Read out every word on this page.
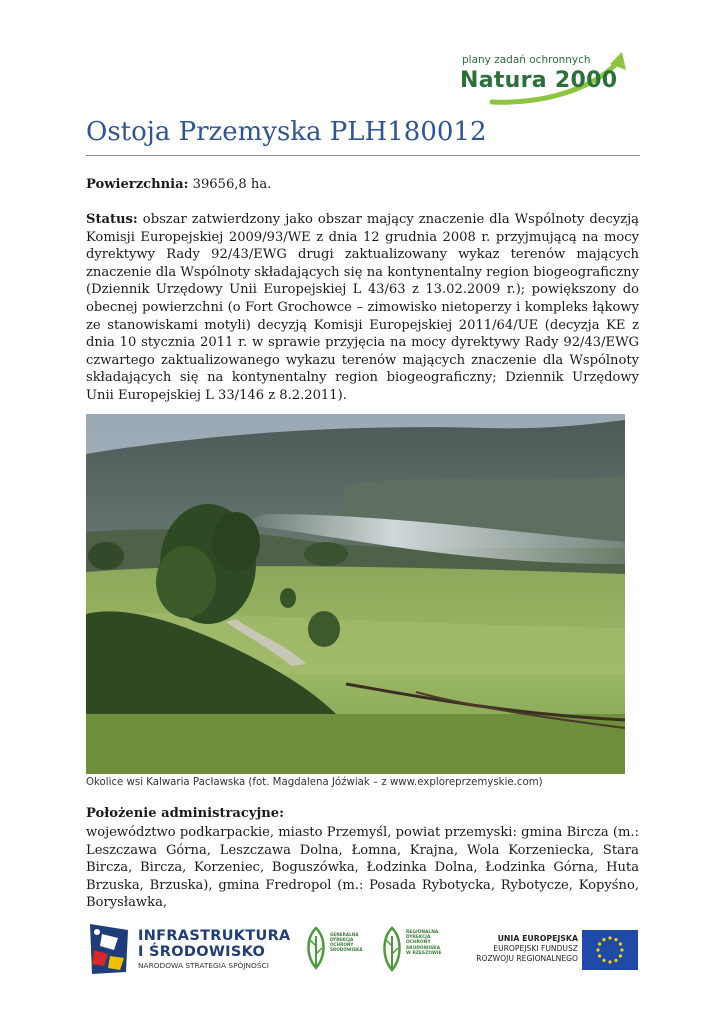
plany zadań ochronnych
Natura 2000
Ostoja Przemyska PLH180012
Powierzchnia: 39656,8 ha.
Status: obszar zatwierdzony jako obszar mający znaczenie dla Wspólnoty decyzją Komisji Europejskiej 2009/93/WE z dnia 12 grudnia 2008 r. przyjmującą na mocy dyrektywy Rady 92/43/EWG drugi zaktualizowany wykaz terenów mających znaczenie dla Wspólnoty składających się na kontynentalny region biogeograficzny (Dziennik Urzędowy Unii Europejskiej L 43/63 z 13.02.2009 r.); powiększony do obecnej powierzchni (o Fort Grochowce – zimowisko nietoperzy i kompleks łąkowy ze stanowiskami motyli) decyzją Komisji Europejskiej 2011/64/UE (decyzja KE z dnia 10 stycznia 2011 r. w sprawie przyjęcia na mocy dyrektywy Rady 92/43/EWG czwartego zaktualizowanego wykazu terenów mających znaczenie dla Wspólnoty składających się na kontynentalny region biogeograficzny; Dziennik Urzędowy Unii Europejskiej L 33/146 z 8.2.2011).
Okolice wsi Kalwaria Pacławska (fot. Magdalena Jóźwiak – z www.exploreprzemyskie.com)
Położenie administracyjne:
województwo podkarpackie, miasto Przemyśl, powiat przemyski: gmina Bircza (m.: Leszczawa Górna, Leszczawa Dolna, Łomna, Krajna, Wola Korzeniecka, Stara Bircza, Bircza, Korzeniec, Boguszówka, Łodzinka Dolna, Łodzinka Górna, Huta Brzuska, Brzuska), gmina Fredropol (m.: Posada Rybotycka, Rybotycze, Kopyśno, Borysławka,
INFRASTRUKTURA
I ŚRODOWISKO
NARODOWA STRATEGIA SPÓJNOŚCI
GENERALNA
DYREKCJA
OCHRONY
ŚRODOWISKA
REGIONALNA
DYREKCJA
OCHRONY
ŚRODOWISKA
W RZESZOWIE
UNIA EUROPEJSKA
EUROPEJSKI FUNDUSZ
ROZWOJU REGIONALNEGO
